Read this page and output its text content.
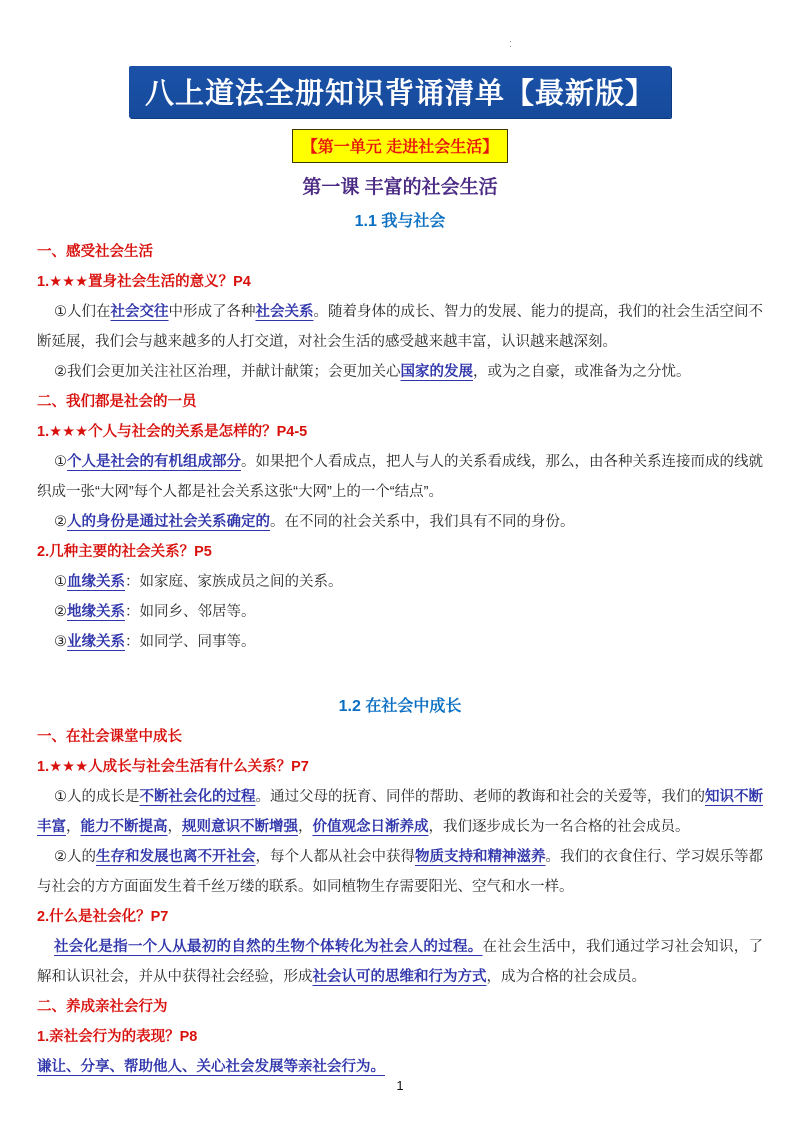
:
八上道法全册知识背诵清单【最新版】
【第一单元 走进社会生活】
第一课 丰富的社会生活
1.1 我与社会
一、感受社会生活
1.★★★置身社会生活的意义？P4
①人们在社会交往中形成了各种社会关系。随着身体的成长、智力的发展、能力的提高，我们的社会生活空间不断延展，我们会与越来越多的人打交道，对社会生活的感受越来越丰富，认识越来越深刻。
②我们会更加关注社区治理，并献计献策；会更加关心国家的发展，或为之自豪，或准备为之分忧。
二、我们都是社会的一员
1.★★★个人与社会的关系是怎样的？P4-5
①个人是社会的有机组成部分。如果把个人看成点，把人与人的关系看成线，那么，由各种关系连接而成的线就织成一张“大网”每个人都是社会关系这张“大网”上的一个“结点”。
②人的身份是通过社会关系确定的。在不同的社会关系中，我们具有不同的身份。
2.几种主要的社会关系？P5
①血缘关系：如家庭、家族成员之间的关系。
②地缘关系：如同乡、邻居等。
③业缘关系：如同学、同事等。
1.2 在社会中成长
一、在社会课堂中成长
1.★★★人成长与社会生活有什么关系？P7
①人的成长是不断社会化的过程。通过父母的抚育、同伴的帮助、老师的教诲和社会的关爱等，我们的知识不断丰富，能力不断提高，规则意识不断增强，价值观念日渐养成，我们逐步成长为一名合格的社会成员。
②人的生存和发展也离不开社会，每个人都从社会中获得物质支持和精神滋养。我们的衣食住行、学习娱乐等都与社会的方方面面发生着千丝万缕的联系。如同植物生存需要阳光、空气和水一样。
2.什么是社会化？P7
社会化是指一个人从最初的自然的生物个体转化为社会人的过程。在社会生活中，我们通过学习社会知识，了解和认识社会，并从中获得社会经验，形成社会认可的思维和行为方式，成为合格的社会成员。
二、养成亲社会行为
1.亲社会行为的表现？P8
谦让、分享、帮助他人、关心社会发展等亲社会行为。
1
